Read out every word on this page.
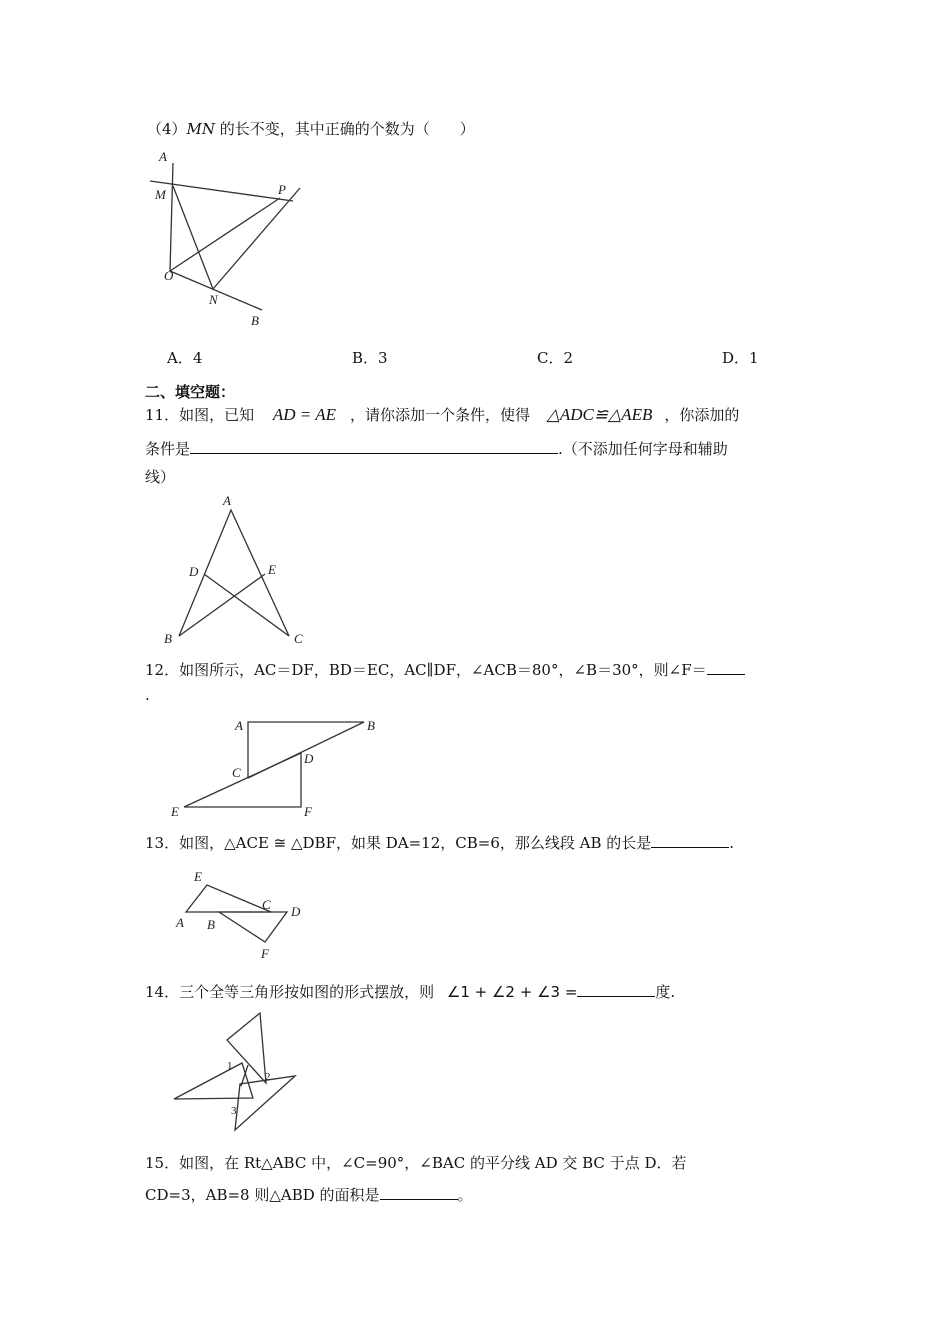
（4）MN 的长不变，其中正确的个数为（　　）
A
M	P
O
N
B
A．4	B．3	C．2	D．1
二、填空题：
11．如图，已知 AD = AE ，请你添加一个条件，使得 △ADC≌△AEB ，你添加的
条件是	.（不添加任何字母和辅助
线）
A
D	E
B	C
12．如图所示，AC＝DF，BD＝EC，AC∥DF，∠ACB＝80°，∠B＝30°，则∠F＝
.
A	B
C
D
E	F
13．如图，△ACE ≅ △DBF，如果 DA=12，CB=6，那么线段 AB 的长是	.
E
A B
C D
F
14．三个全等三角形按如图的形式摆放，则 ∠1 + ∠2 + ∠3 =	度.
1
2
3
15．如图，在 Rt△ABC 中，∠C=90°，∠BAC 的平分线 AD 交 BC 于点 D．若
CD=3，AB=8 则△ABD 的面积是	。
